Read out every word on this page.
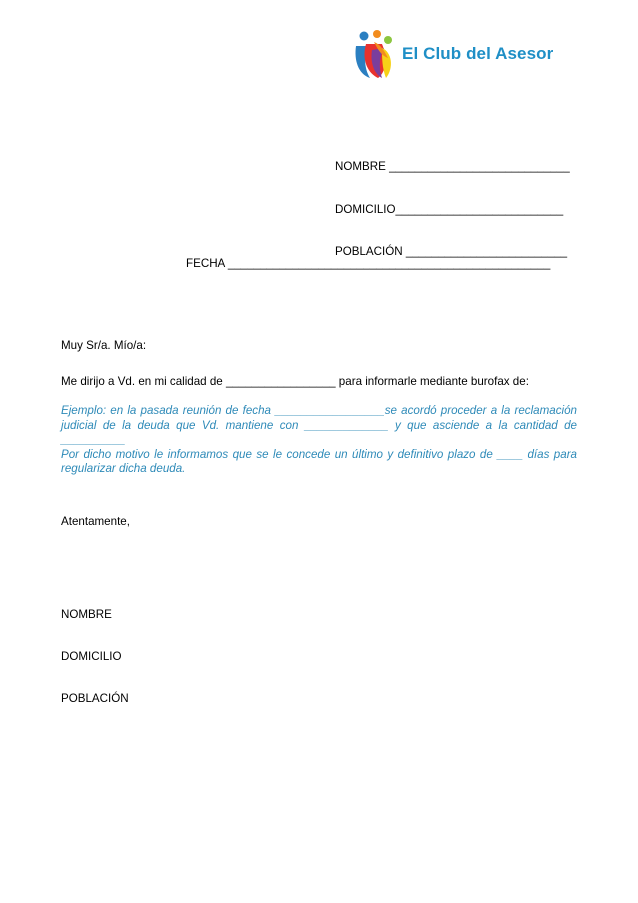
El Club del Asesor

NOMBRE ____________________________

DOMICILIO__________________________

POBLACIÓN _________________________

FECHA __________________________________________________
Muy Sr/a. Mío/a:
Me dirijo a Vd. en mi calidad de _________________ para informarle mediante burofax de:

Ejemplo: en la pasada reunión de fecha _________________se acordó proceder a la reclamación

judicial de la deuda que Vd. mantiene con _____________ y que asciende a la cantidad de

__________

Por dicho motivo le informamos que se le concede un último y definitivo plazo de ____ días para

regularizar dicha deuda.

Atentamente,

NOMBRE

DOMICILIO

POBLACIÓN
